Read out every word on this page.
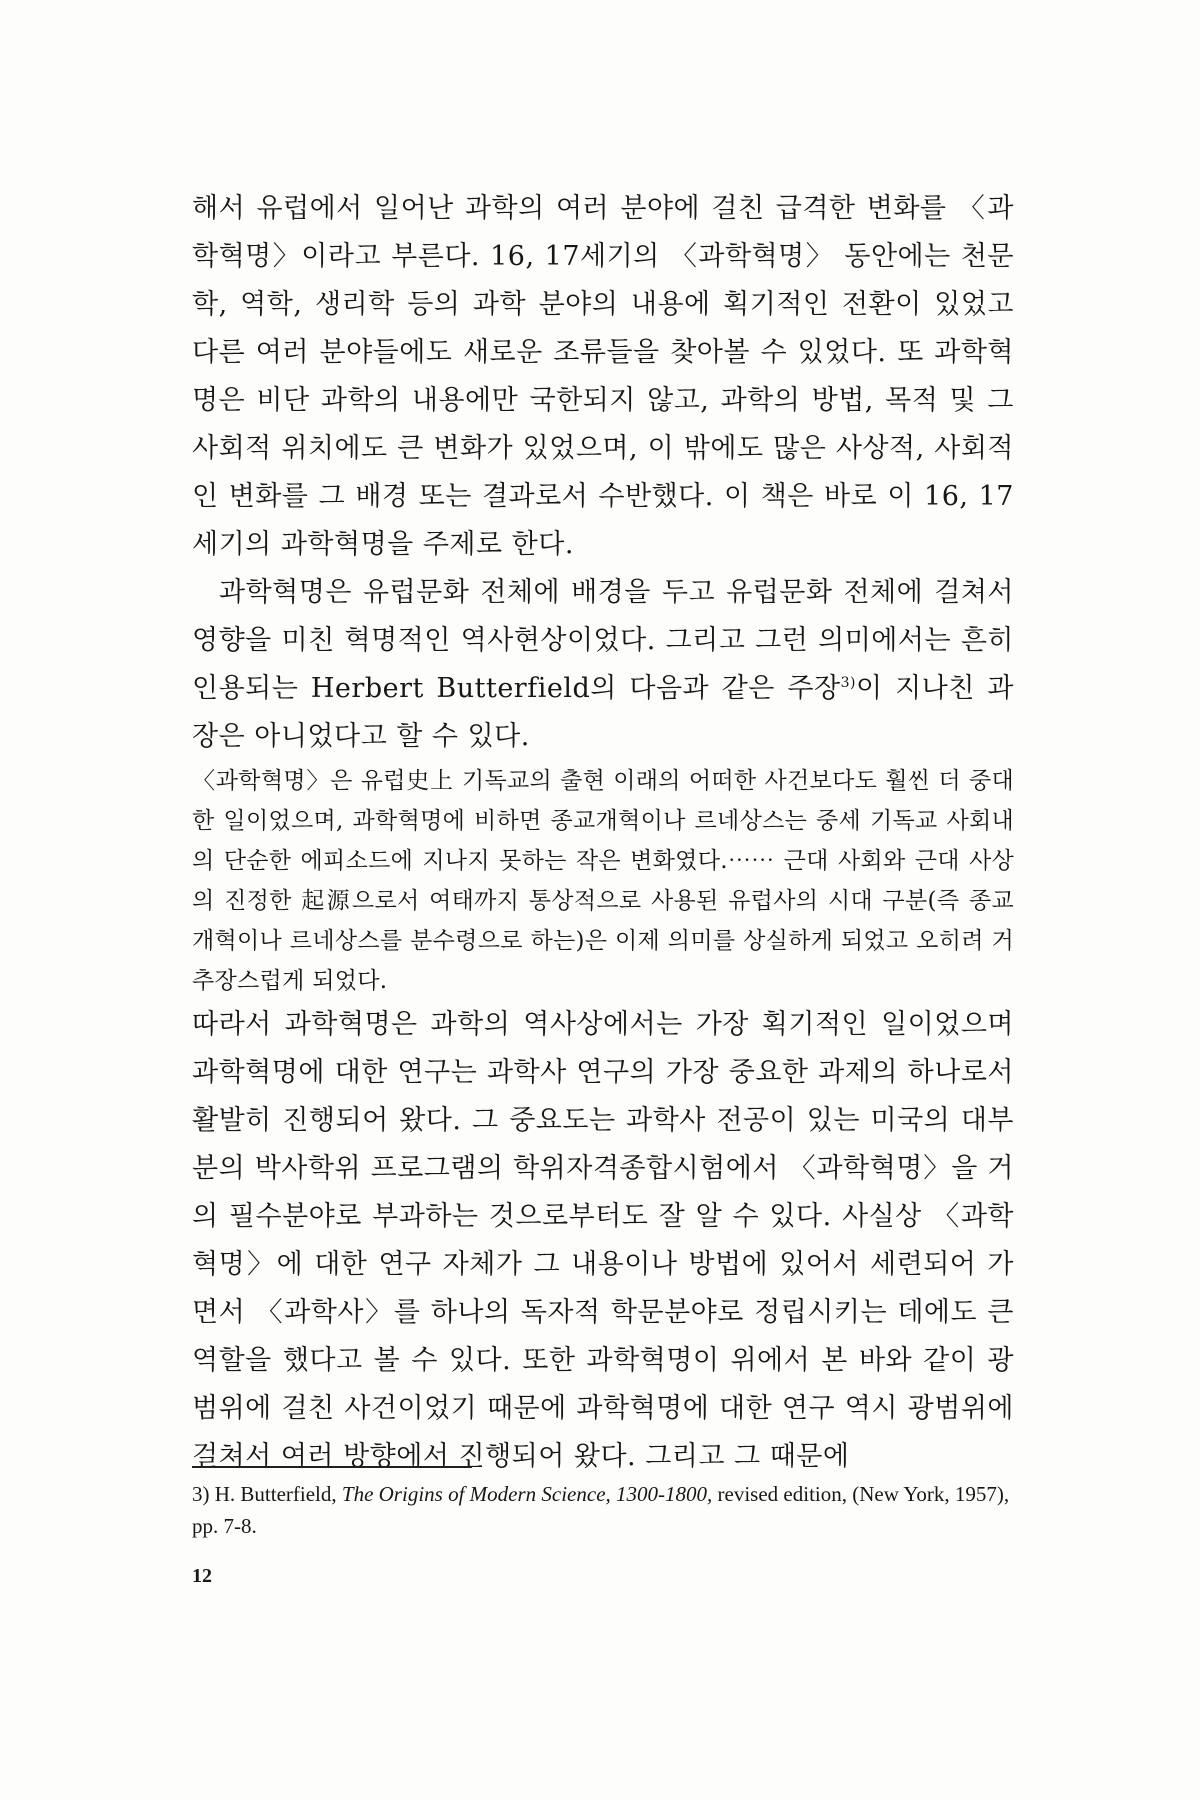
해서 유럽에서 일어난 과학의 여러 분야에 걸친 급격한 변화를 〈과학혁명〉이라고 부른다. 16, 17세기의 〈과학혁명〉 동안에는 천문학, 역학, 생리학 등의 과학 분야의 내용에 획기적인 전환이 있었고 다른 여러 분야들에도 새로운 조류들을 찾아볼 수 있었다. 또 과학혁명은 비단 과학의 내용에만 국한되지 않고, 과학의 방법, 목적 및 그 사회적 위치에도 큰 변화가 있었으며, 이 밖에도 많은 사상적, 사회적인 변화를 그 배경 또는 결과로서 수반했다. 이 책은 바로 이 16, 17세기의 과학혁명을 주제로 한다.

과학혁명은 유럽문화 전체에 배경을 두고 유럽문화 전체에 걸쳐서 영향을 미친 혁명적인 역사현상이었다. 그리고 그런 의미에서는 흔히 인용되는 Herbert Butterfield의 다음과 같은 주장$^{3)}$이 지나친 과장은 아니었다고 할 수 있다.

〈과학혁명〉은 유럽史上 기독교의 출현 이래의 어떠한 사건보다도 훨씬 더 중대한 일이었으며, 과학혁명에 비하면 종교개혁이나 르네상스는 중세 기독교 사회내의 단순한 에피소드에 지나지 못하는 작은 변화였다.⋯⋯ 근대 사회와 근대 사상의 진정한 起源으로서 여태까지 통상적으로 사용된 유럽사의 시대 구분(즉 종교개혁이나 르네상스를 분수령으로 하는)은 이제 의미를 상실하게 되었고 오히려 거추장스럽게 되었다.

따라서 과학혁명은 과학의 역사상에서는 가장 획기적인 일이었으며 과학혁명에 대한 연구는 과학사 연구의 가장 중요한 과제의 하나로서 활발히 진행되어 왔다. 그 중요도는 과학사 전공이 있는 미국의 대부분의 박사학위 프로그램의 학위자격종합시험에서 〈과학혁명〉을 거의 필수분야로 부과하는 것으로부터도 잘 알 수 있다. 사실상 〈과학혁명〉에 대한 연구 자체가 그 내용이나 방법에 있어서 세련되어 가면서 〈과학사〉를 하나의 독자적 학문분야로 정립시키는 데에도 큰 역할을 했다고 볼 수 있다. 또한 과학혁명이 위에서 본 바와 같이 광범위에 걸친 사건이었기 때문에 과학혁명에 대한 연구 역시 광범위에 걸쳐서 여러 방향에서 진행되어 왔다. 그리고 그 때문에

3) H. Butterfield, The Origins of Modern Science, 1300-1800, revised edition, (New York, 1957), pp. 7-8.
12
